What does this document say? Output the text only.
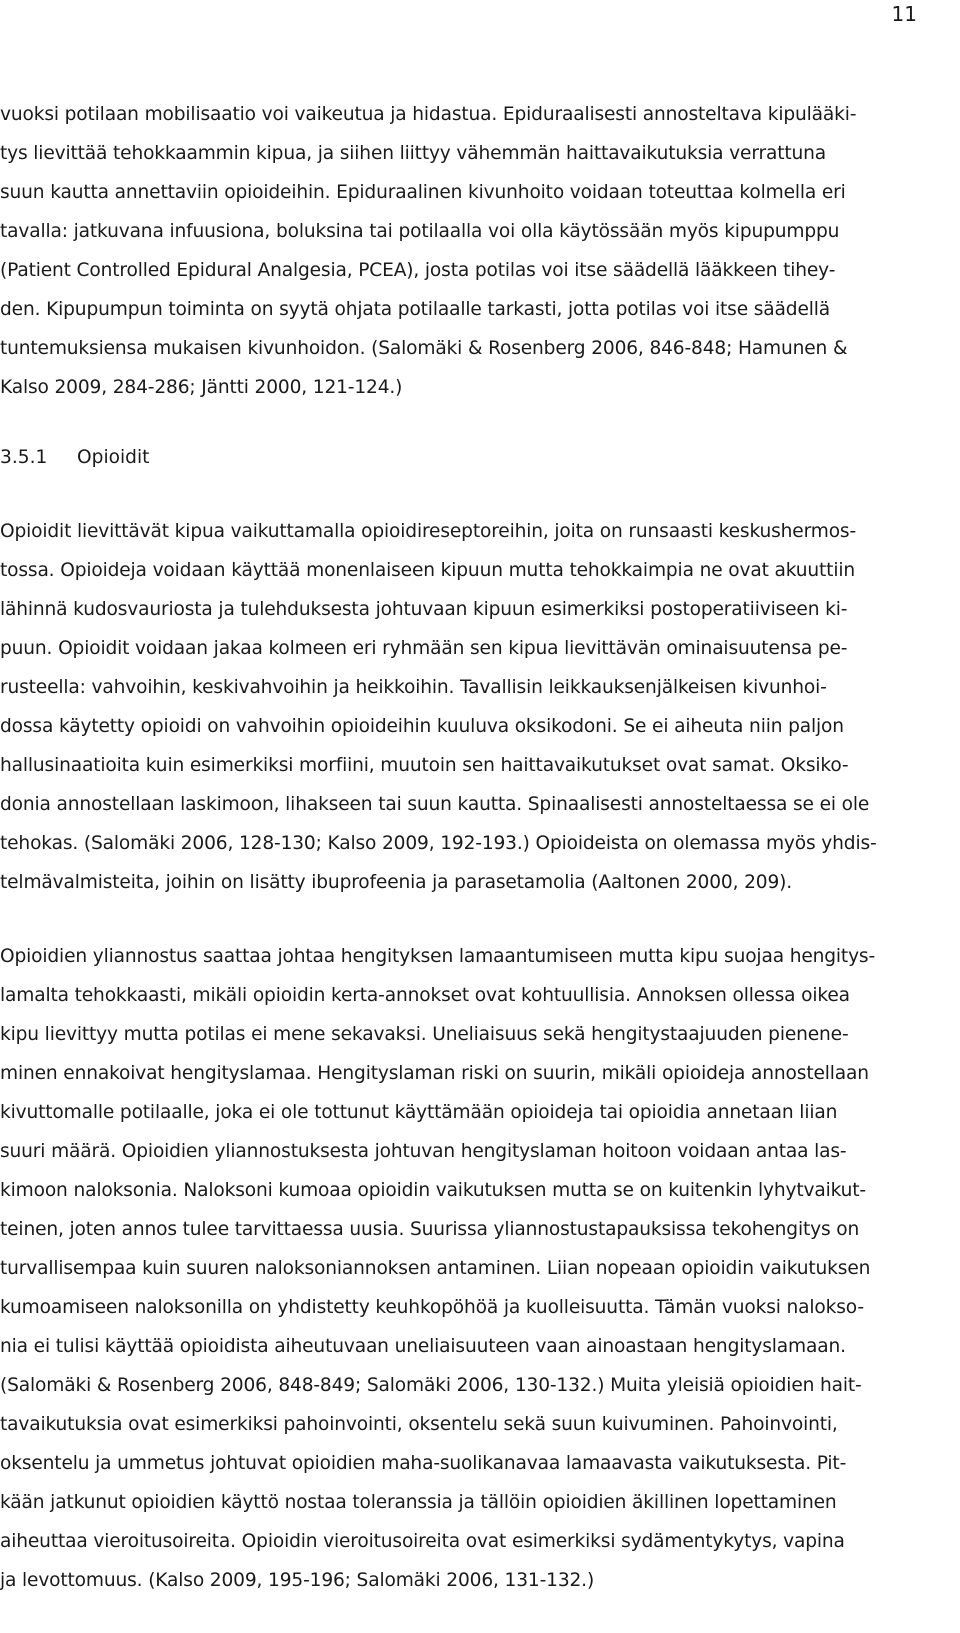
11
vuoksi potilaan mobilisaatio voi vaikeutua ja hidastua. Epiduraalisesti annosteltava kipulääki-
tys lievittää tehokkaammin kipua, ja siihen liittyy vähemmän haittavaikutuksia verrattuna
suun kautta annettaviin opioideihin. Epiduraalinen kivunhoito voidaan toteuttaa kolmella eri
tavalla: jatkuvana infuusiona, boluksina tai potilaalla voi olla käytössään myös kipupumppu
(Patient Controlled Epidural Analgesia, PCEA), josta potilas voi itse säädellä lääkkeen tihey-
den. Kipupumpun toiminta on syytä ohjata potilaalle tarkasti, jotta potilas voi itse säädellä
tuntemuksiensa mukaisen kivunhoidon. (Salomäki & Rosenberg 2006, 846-848; Hamunen &
Kalso 2009, 284-286; Jäntti 2000, 121-124.)
3.5.1 Opioidit
Opioidit lievittävät kipua vaikuttamalla opioidireseptoreihin, joita on runsaasti keskushermos-
tossa. Opioideja voidaan käyttää monenlaiseen kipuun mutta tehokkaimpia ne ovat akuuttiin
lähinnä kudosvauriosta ja tulehduksesta johtuvaan kipuun esimerkiksi postoperatiiviseen ki-
puun. Opioidit voidaan jakaa kolmeen eri ryhmään sen kipua lievittävän ominaisuutensa pe-
rusteella: vahvoihin, keskivahvoihin ja heikkoihin. Tavallisin leikkauksenjälkeisen kivunhoi-
dossa käytetty opioidi on vahvoihin opioideihin kuuluva oksikodoni. Se ei aiheuta niin paljon
hallusinaatioita kuin esimerkiksi morfiini, muutoin sen haittavaikutukset ovat samat. Oksiko-
donia annostellaan laskimoon, lihakseen tai suun kautta. Spinaalisesti annosteltaessa se ei ole
tehokas. (Salomäki 2006, 128-130; Kalso 2009, 192-193.) Opioideista on olemassa myös yhdis-
telmävalmisteita, joihin on lisätty ibuprofeenia ja parasetamolia (Aaltonen 2000, 209).
Opioidien yliannostus saattaa johtaa hengityksen lamaantumiseen mutta kipu suojaa hengitys-
lamalta tehokkaasti, mikäli opioidin kerta-annokset ovat kohtuullisia. Annoksen ollessa oikea
kipu lievittyy mutta potilas ei mene sekavaksi. Uneliaisuus sekä hengitystaajuuden pienene-
minen ennakoivat hengityslamaa. Hengityslaman riski on suurin, mikäli opioideja annostellaan
kivuttomalle potilaalle, joka ei ole tottunut käyttämään opioideja tai opioidia annetaan liian
suuri määrä. Opioidien yliannostuksesta johtuvan hengityslaman hoitoon voidaan antaa las-
kimoon naloksonia. Naloksoni kumoaa opioidin vaikutuksen mutta se on kuitenkin lyhytvaikut-
teinen, joten annos tulee tarvittaessa uusia. Suurissa yliannostustapauksissa tekohengitys on
turvallisempaa kuin suuren naloksoniannoksen antaminen. Liian nopeaan opioidin vaikutuksen
kumoamiseen naloksonilla on yhdistetty keuhkopöhöä ja kuolleisuutta. Tämän vuoksi nalokso-
nia ei tulisi käyttää opioidista aiheutuvaan uneliaisuuteen vaan ainoastaan hengityslamaan.
(Salomäki & Rosenberg 2006, 848-849; Salomäki 2006, 130-132.) Muita yleisiä opioidien hait-
tavaikutuksia ovat esimerkiksi pahoinvointi, oksentelu sekä suun kuivuminen. Pahoinvointi,
oksentelu ja ummetus johtuvat opioidien maha-suolikanavaa lamaavasta vaikutuksesta. Pit-
kään jatkunut opioidien käyttö nostaa toleranssia ja tällöin opioidien äkillinen lopettaminen
aiheuttaa vieroitusoireita. Opioidin vieroitusoireita ovat esimerkiksi sydämentykytys, vapina
ja levottomuus. (Kalso 2009, 195-196; Salomäki 2006, 131-132.)
